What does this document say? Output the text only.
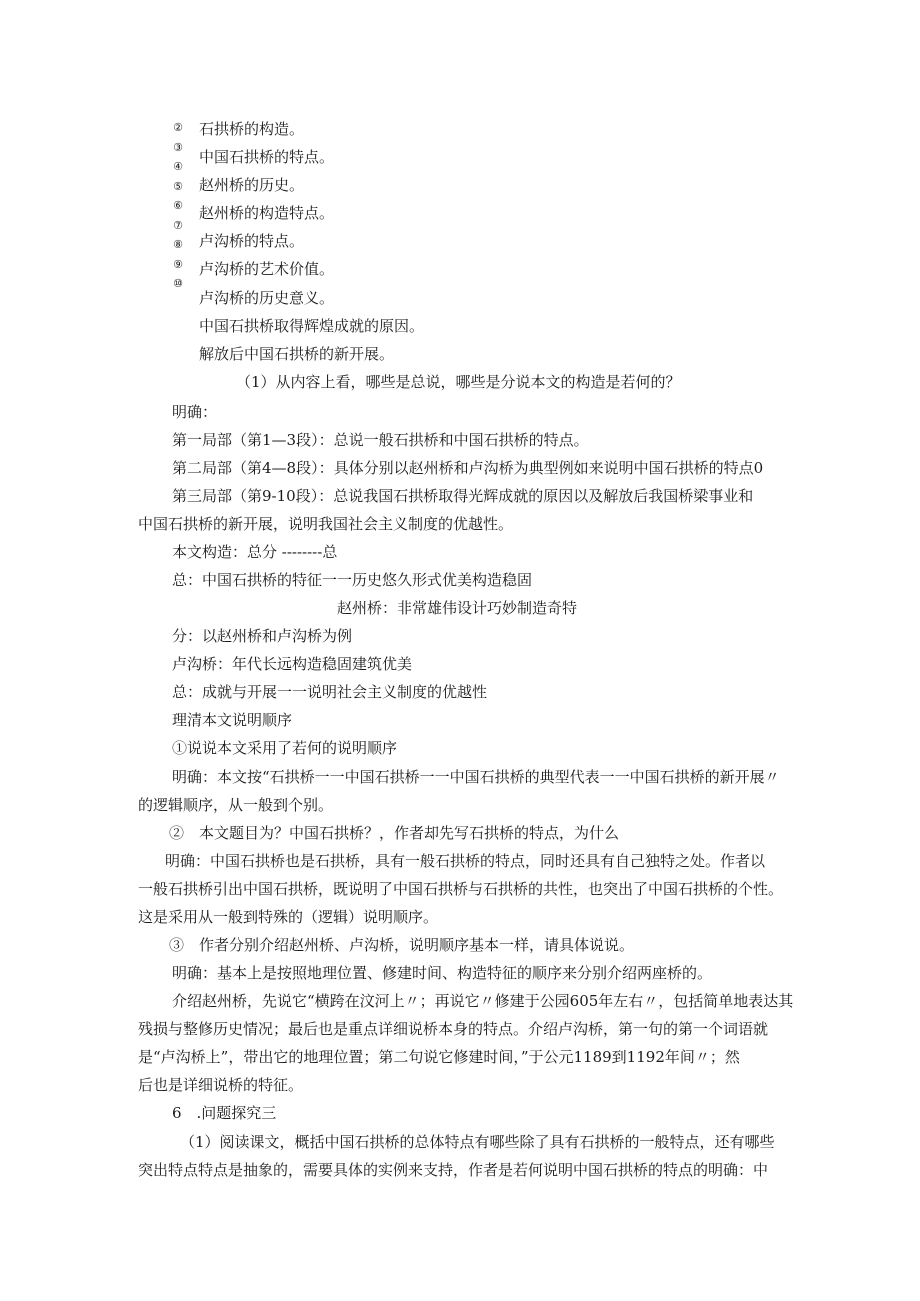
②
③
④
⑤
⑥
⑦
⑧
⑨
⑩
石拱桥的构造。
中国石拱桥的特点。
赵州桥的历史。
赵州桥的构造特点。
卢沟桥的特点。
卢沟桥的艺术价值。
卢沟桥的历史意义。
中国石拱桥取得辉煌成就的原因。
解放后中国石拱桥的新开展。
（1）从内容上看，哪些是总说，哪些是分说本文的构造是若何的？
明确：
第一局部（第1—3段）：总说一般石拱桥和中国石拱桥的特点。
第二局部（第4—8段）：具体分别以赵州桥和卢沟桥为典型例如来说明中国石拱桥的特点0
第三局部（第9-10段）：总说我国石拱桥取得光辉成就的原因以及解放后我国桥梁事业和
中国石拱桥的新开展，说明我国社会主义制度的优越性。
本文构造：总分 --------总
总：中国石拱桥的特征一一历史悠久形式优美构造稳固
赵州桥：非常雄伟设计巧妙制造奇特
分：以赵州桥和卢沟桥为例
卢沟桥：年代长远构造稳固建筑优美
总：成就与开展一一说明社会主义制度的优越性
理清本文说明顺序
①说说本文采用了若何的说明顺序
明确：本文按“石拱桥一一中国石拱桥一一中国石拱桥的典型代表一一中国石拱桥的新开展〃
的逻辑顺序，从一般到个别。
②　本文题目为？中国石拱桥？，作者却先写石拱桥的特点，为什么
明确：中国石拱桥也是石拱桥，具有一般石拱桥的特点，同时还具有自己独特之处。作者以
一般石拱桥引出中国石拱桥，既说明了中国石拱桥与石拱桥的共性，也突出了中国石拱桥的个性。
这是采用从一般到特殊的（逻辑）说明顺序。
③　作者分别介绍赵州桥、卢沟桥，说明顺序基本一样，请具体说说。
明确：基本上是按照地理位置、修建时间、构造特征的顺序来分别介绍两座桥的。
介绍赵州桥，先说它“横跨在汶河上〃；再说它〃修建于公园605年左右〃，包括简单地表达其
残损与整修历史情况；最后也是重点详细说桥本身的特点。介绍卢沟桥，第一句的第一个词语就
是“卢沟桥上”，带出它的地理位置；第二句说它修建时间，”于公元1189到1192年间〃；然
后也是详细说桥的特征。
6　.问题探究三
（1）阅读课文，概括中国石拱桥的总体特点有哪些除了具有石拱桥的一般特点，还有哪些
突出特点特点是抽象的，需要具体的实例来支持，作者是若何说明中国石拱桥的特点的明确：中
